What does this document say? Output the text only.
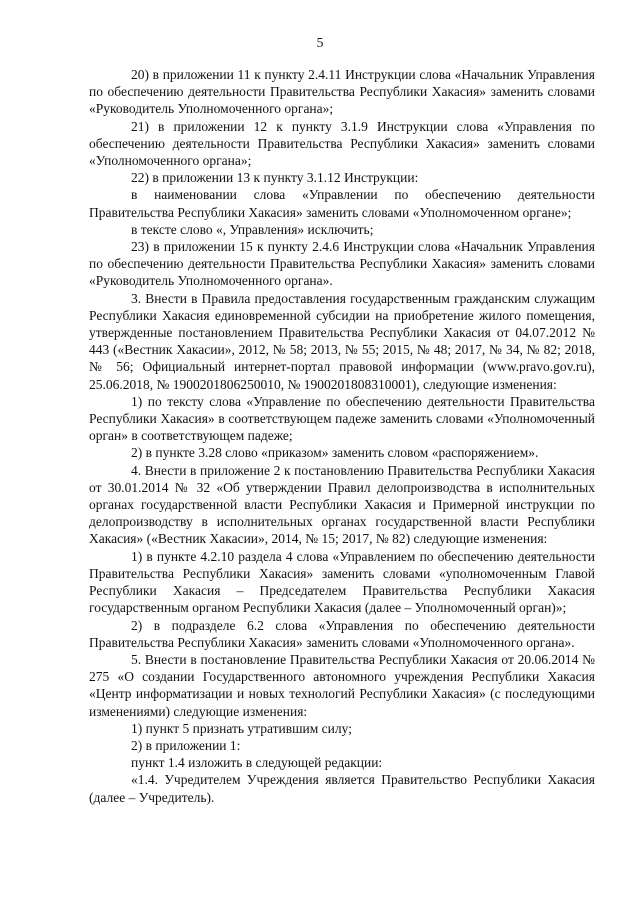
5

20) в приложении 11 к пункту 2.4.11 Инструкции слова «Начальник Управления по обеспечению деятельности Правительства Республики Хакасия» заменить словами «Руководитель Уполномоченного органа»;

21) в приложении 12 к пункту 3.1.9 Инструкции слова «Управления по обеспечению деятельности Правительства Республики Хакасия» заменить словами «Уполномоченного органа»;

22) в приложении 13 к пункту 3.1.12 Инструкции:

в наименовании слова «Управлении по обеспечению деятельности Правительства Республики Хакасия» заменить словами «Уполномоченном органе»;

в тексте слово «, Управления» исключить;

23) в приложении 15 к пункту 2.4.6 Инструкции слова «Начальник Управления по обеспечению деятельности Правительства Республики Хакасия» заменить словами «Руководитель Уполномоченного органа».

3. Внести в Правила предоставления государственным гражданским служащим Республики Хакасия единовременной субсидии на приобретение жилого помещения, утвержденные постановлением Правительства Республики Хакасия от 04.07.2012 № 443 («Вестник Хакасии», 2012, № 58; 2013, № 55; 2015, № 48; 2017, № 34, № 82; 2018, № 56; Официальный интернет-портал правовой информации (www.pravo.gov.ru), 25.06.2018, № 1900201806250010, № 1900201808310001), следующие изменения:

1) по тексту слова «Управление по обеспечению деятельности Правительства Республики Хакасия» в соответствующем падеже заменить словами «Уполномоченный орган» в соответствующем падеже;

2) в пункте 3.28 слово «приказом» заменить словом «распоряжением».

4. Внести в приложение 2 к постановлению Правительства Республики Хакасия от 30.01.2014 № 32 «Об утверждении Правил делопроизводства в исполнительных органах государственной власти Республики Хакасия и Примерной инструкции по делопроизводству в исполнительных органах государственной власти Республики Хакасия» («Вестник Хакасии», 2014, № 15; 2017, № 82) следующие изменения:

1) в пункте 4.2.10 раздела 4 слова «Управлением по обеспечению деятельности Правительства Республики Хакасия» заменить словами «уполномоченным Главой Республики Хакасия – Председателем Правительства Республики Хакасия государственным органом Республики Хакасия (далее – Уполномоченный орган)»;

2) в подразделе 6.2 слова «Управления по обеспечению деятельности Правительства Республики Хакасия» заменить словами «Уполномоченного органа».

5. Внести в постановление Правительства Республики Хакасия от 20.06.2014 № 275 «О создании Государственного автономного учреждения Республики Хакасия «Центр информатизации и новых технологий Республики Хакасия» (с последующими изменениями) следующие изменения:

1) пункт 5 признать утратившим силу;

2) в приложении 1:

пункт 1.4 изложить в следующей редакции:

«1.4. Учредителем Учреждения является Правительство Республики Хакасия (далее – Учредитель).
